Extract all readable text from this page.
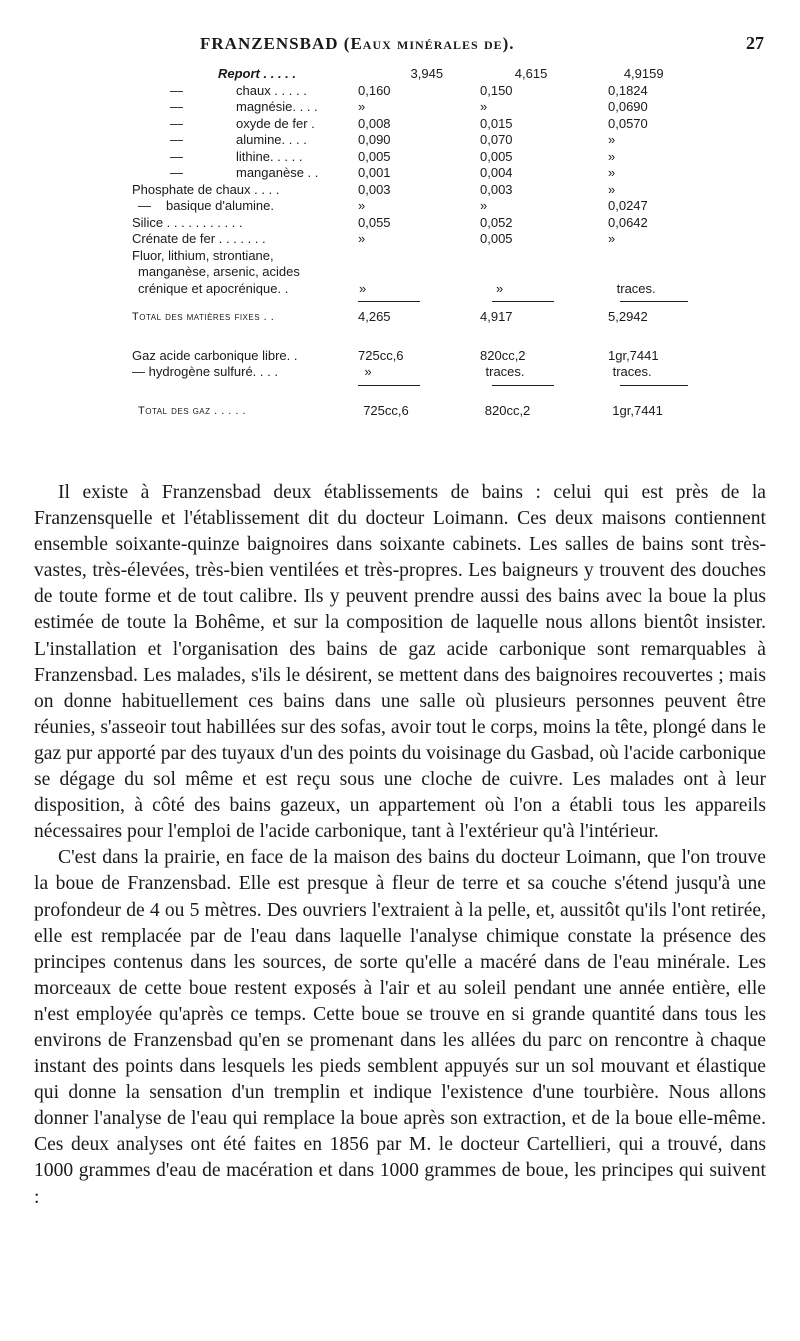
FRANZENSBAD (Eaux minérales de).	27
Report . . . . .	3,945	4,615	4,9159
—	chaux . . . . .	0,160	0,150	0,1824
—	magnésie. . . .	»	»	0,0690
—	oxyde de fer .	0,008	0,015	0,0570
—	alumine. . . .	0,090	0,070	»
—	lithine. . . . .	0,005	0,005	»
—	manganèse . .	0,001	0,004	»
Phosphate de chaux . . . .	0,003	0,003	»
— basique d'alumine.	»	»	0,0247
Silice . . . . . . . . . . .	0,055	0,052	0,0642
Crénate de fer . . . . . . .	»	0,005	»
Fluor, lithium, strontiane,
manganèse, arsenic, acides
crénique et apocrénique. .	»	»	traces.
Total des matières fixes . .	4,265	4,917	5,2942
Gaz acide carbonique libre. .	725cc,6	820cc,2	1gr,7441
— hydrogène sulfuré. . . .	»	traces.	traces.
Total des gaz . . . . .	725cc,6	820cc,2	1gr,7441

Il existe à Franzensbad deux établissements de bains : celui qui est près de la Franzensquelle et l'établissement dit du docteur Loimann. Ces deux maisons contiennent ensemble soixante-quinze baignoires dans soixante cabinets. Les salles de bains sont très-vastes, très-élevées, très-bien ventilées et très-propres. Les baigneurs y trouvent des douches de toute forme et de tout calibre. Ils y peuvent prendre aussi des bains avec la boue la plus estimée de toute la Bohême, et sur la composition de laquelle nous allons bientôt insister. L'installation et l'organisation des bains de gaz acide carbonique sont remarquables à Franzensbad. Les malades, s'ils le désirent, se mettent dans des baignoires recouvertes ; mais on donne habituellement ces bains dans une salle où plusieurs personnes peuvent être réunies, s'asseoir tout habillées sur des sofas, avoir tout le corps, moins la tête, plongé dans le gaz pur apporté par des tuyaux d'un des points du voisinage du Gasbad, où l'acide carbonique se dégage du sol même et est reçu sous une cloche de cuivre. Les malades ont à leur disposition, à côté des bains gazeux, un appartement où l'on a établi tous les appareils nécessaires pour l'emploi de l'acide carbonique, tant à l'extérieur qu'à l'intérieur.

C'est dans la prairie, en face de la maison des bains du docteur Loimann, que l'on trouve la boue de Franzensbad. Elle est presque à fleur de terre et sa couche s'étend jusqu'à une profondeur de 4 ou 5 mètres. Des ouvriers l'extraient à la pelle, et, aussitôt qu'ils l'ont retirée, elle est remplacée par de l'eau dans laquelle l'analyse chimique constate la présence des principes contenus dans les sources, de sorte qu'elle a macéré dans de l'eau minérale. Les morceaux de cette boue restent exposés à l'air et au soleil pendant une année entière, elle n'est employée qu'après ce temps. Cette boue se trouve en si grande quantité dans tous les environs de Franzensbad qu'en se promenant dans les allées du parc on rencontre à chaque instant des points dans lesquels les pieds semblent appuyés sur un sol mouvant et élastique qui donne la sensation d'un tremplin et indique l'existence d'une tourbière. Nous allons donner l'analyse de l'eau qui remplace la boue après son extraction, et de la boue elle-même. Ces deux analyses ont été faites en 1856 par M. le docteur Cartellieri, qui a trouvé, dans 1000 grammes d'eau de macération et dans 1000 grammes de boue, les principes qui suivent :
